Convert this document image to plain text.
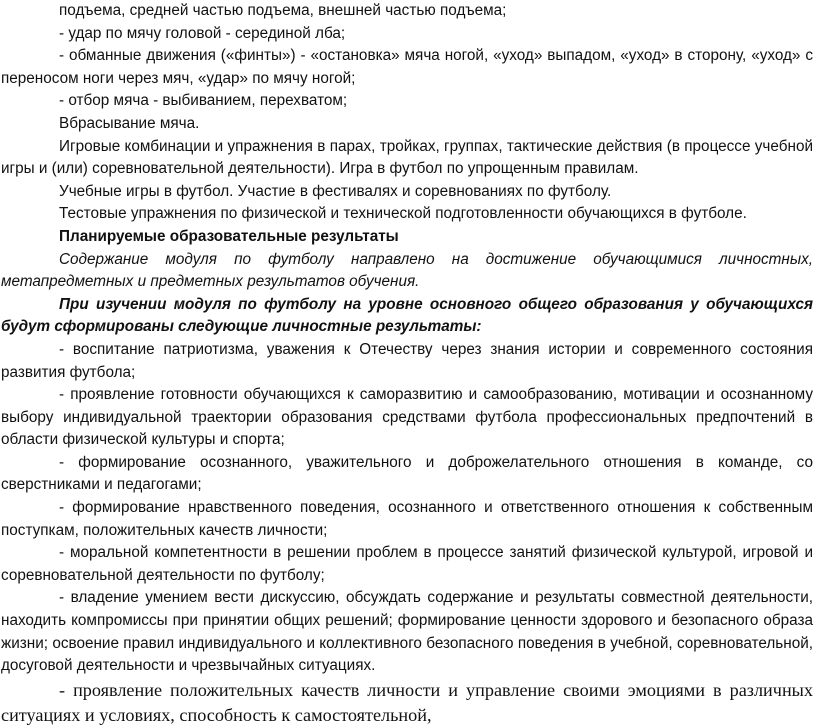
подъема, средней частью подъема, внешней частью подъема;

- удар по мячу головой - серединой лба;

- обманные движения («финты») - «остановка» мяча ногой, «уход» выпадом, «уход» в сторону, «уход» с переносом ноги через мяч, «удар» по мячу ногой;

- отбор мяча - выбиванием, перехватом;

Вбрасывание мяча.

Игровые комбинации и упражнения в парах, тройках, группах, тактические действия (в процессе учебной игры и (или) соревновательной деятельности). Игра в футбол по упрощенным правилам.

Учебные игры в футбол. Участие в фестивалях и соревнованиях по футболу.

Тестовые упражнения по физической и технической подготовленности обучающихся в футболе.

Планируемые образовательные результаты

Содержание модуля по футболу направлено на достижение обучающимися личностных, метапредметных и предметных результатов обучения.

При изучении модуля по футболу на уровне основного общего образования у обучающихся будут сформированы следующие личностные результаты:

- воспитание патриотизма, уважения к Отечеству через знания истории и современного состояния развития футбола;

- проявление готовности обучающихся к саморазвитию и самообразованию, мотивации и осознанному выбору индивидуальной траектории образования средствами футбола профессиональных предпочтений в области физической культуры и спорта;

- формирование осознанного, уважительного и доброжелательного отношения в команде, со сверстниками и педагогами;

- формирование нравственного поведения, осознанного и ответственного отношения к собственным поступкам, положительных качеств личности;

- моральной компетентности в решении проблем в процессе занятий физической культурой, игровой и соревновательной деятельности по футболу;

- владение умением вести дискуссию, обсуждать содержание и результаты совместной деятельности, находить компромиссы при принятии общих решений; формирование ценности здорового и безопасного образа жизни; освоение правил индивидуального и коллективного безопасного поведения в учебной, соревновательной, досуговой деятельности и чрезвычайных ситуациях.

- проявление положительных качеств личности и управление своими эмоциями в различных ситуациях и условиях, способность к самостоятельной,
